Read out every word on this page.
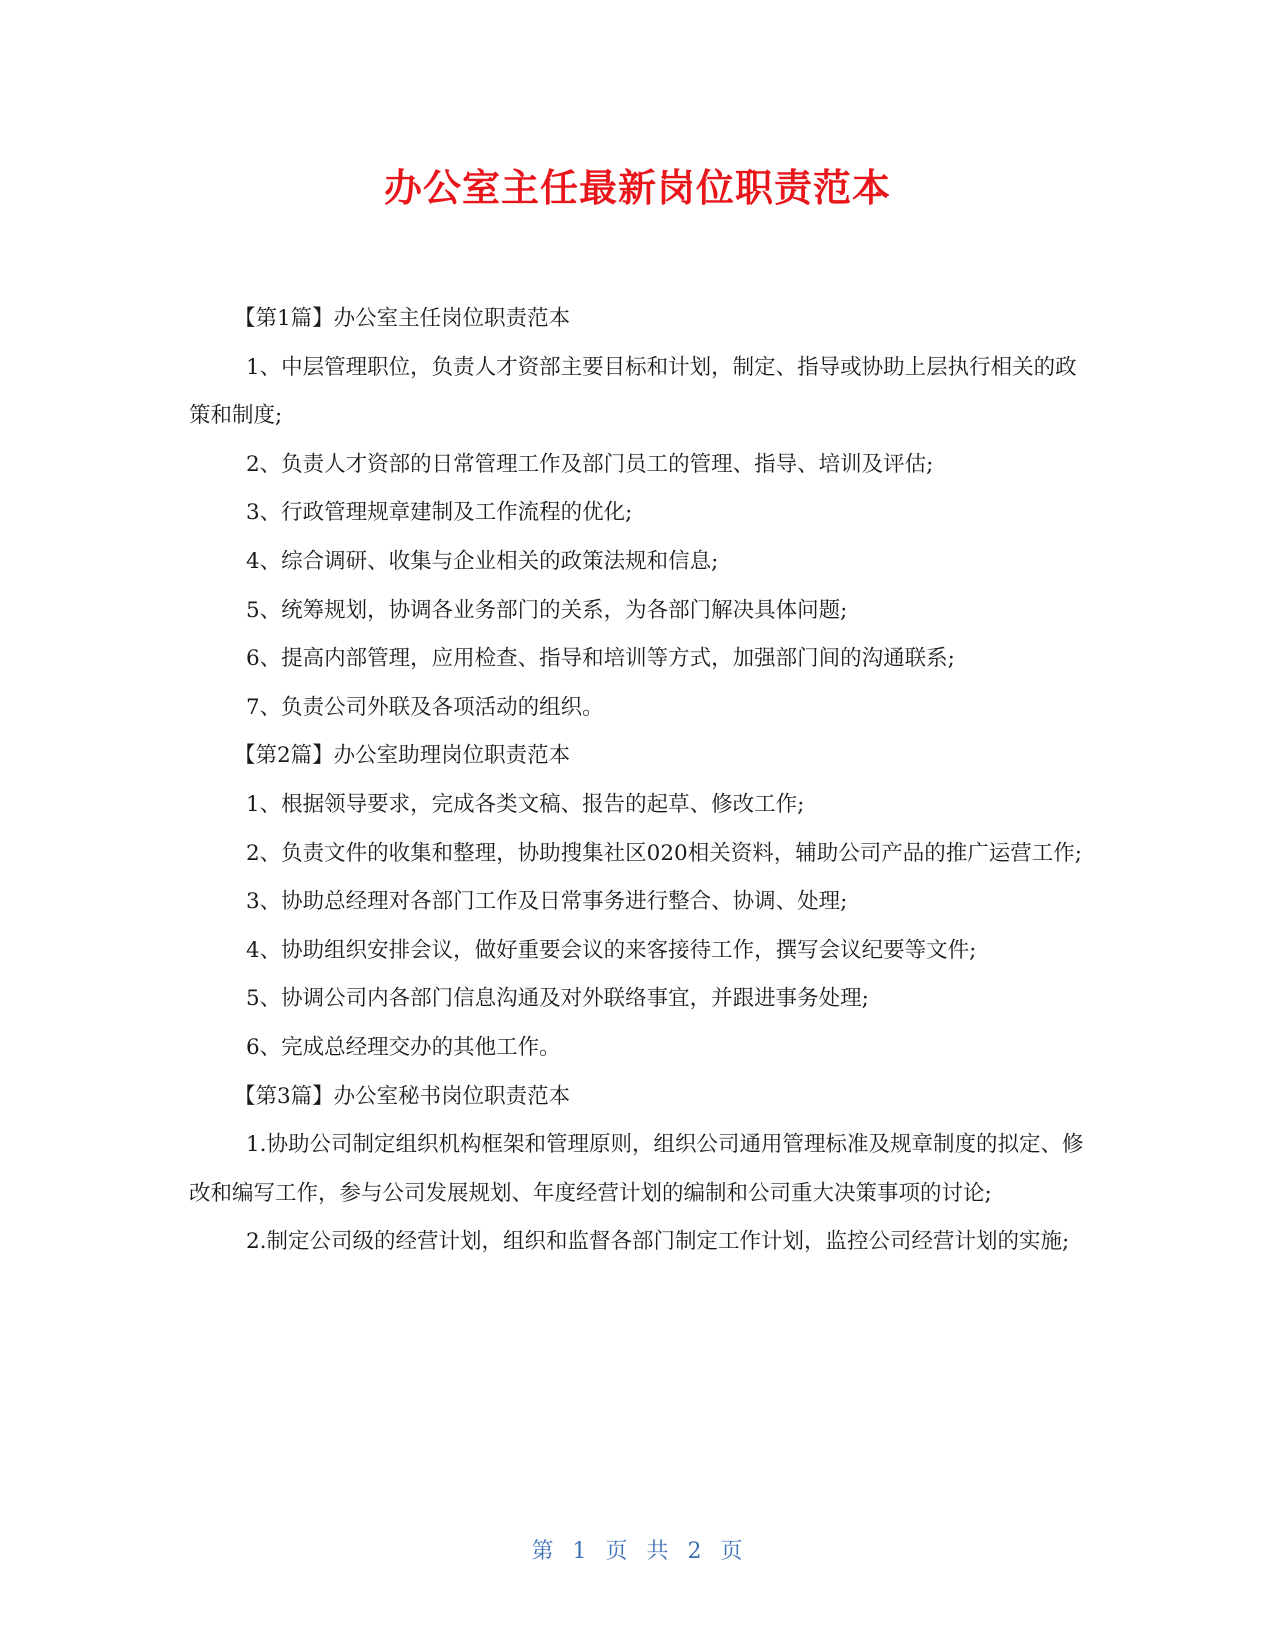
办公室主任最新岗位职责范本

【第1篇】办公室主任岗位职责范本

1、中层管理职位，负责人才资部主要目标和计划，制定、指导或协助上层执行相关的政策和制度;

2、负责人才资部的日常管理工作及部门员工的管理、指导、培训及评估;

3、行政管理规章建制及工作流程的优化;

4、综合调研、收集与企业相关的政策法规和信息;

5、统筹规划，协调各业务部门的关系，为各部门解决具体问题;

6、提高内部管理，应用检查、指导和培训等方式，加强部门间的沟通联系;

7、负责公司外联及各项活动的组织。

【第2篇】办公室助理岗位职责范本

1、根据领导要求，完成各类文稿、报告的起草、修改工作;

2、负责文件的收集和整理，协助搜集社区020相关资料，辅助公司产品的推广运营工作;

3、协助总经理对各部门工作及日常事务进行整合、协调、处理;

4、协助组织安排会议，做好重要会议的来客接待工作，撰写会议纪要等文件;

5、协调公司内各部门信息沟通及对外联络事宜，并跟进事务处理;

6、完成总经理交办的其他工作。

【第3篇】办公室秘书岗位职责范本

1.协助公司制定组织机构框架和管理原则，组织公司通用管理标准及规章制度的拟定、修改和编写工作，参与公司发展规划、年度经营计划的编制和公司重大决策事项的讨论;

2.制定公司级的经营计划，组织和监督各部门制定工作计划，监控公司经营计划的实施;

第 1 页 共 2 页
